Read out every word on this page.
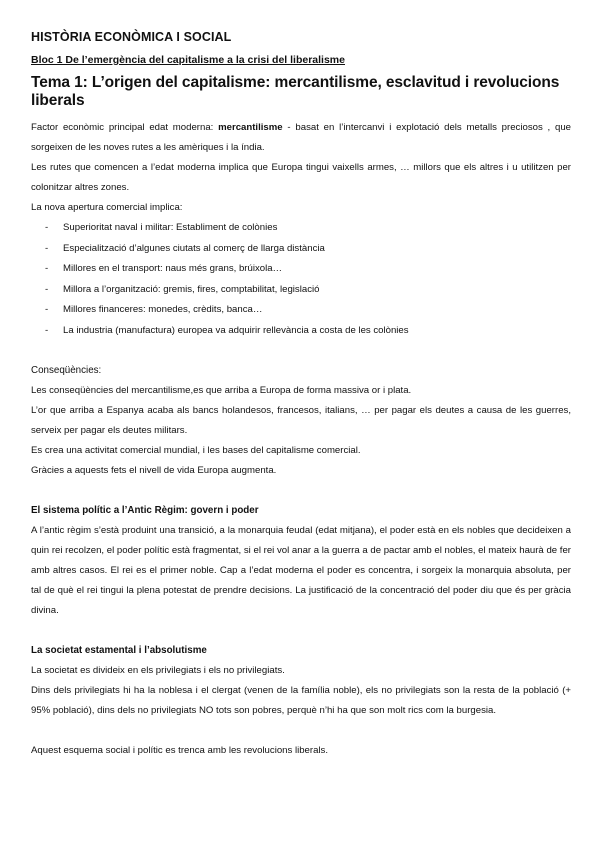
HISTÒRIA ECONÒMICA I SOCIAL
Bloc 1 De l’emergència del capitalisme a la crisi del liberalisme
Tema 1: L’origen del capitalisme: mercantilisme, esclavitud i revolucions liberals

Factor econòmic principal edat moderna: mercantilisme - basat en l’intercanvi i explotació dels metalls preciosos , que sorgeixen de les noves rutes a les amèriques i la índia.

Les rutes que comencen a l’edat moderna implica que Europa tingui vaixells armes, … millors que els altres i u utilitzen per colonitzar altres zones.

La nova apertura comercial implica:

- Superioritat naval i militar: Establiment de colònies
- Especialització d’algunes ciutats al comerç de llarga distància
- Millores en el transport: naus més grans, brúixola…
- Millora a l’organització: gremis, fires, comptabilitat, legislació
- Millores financeres: monedes, crèdits, banca…
- La industria (manufactura) europea va adquirir rellevància a costa de les colònies
Conseqüències:

Les conseqüències del mercantilisme,es que arriba a Europa de forma massiva or i plata.

L’or que arriba a Espanya acaba als bancs holandesos, francesos, italians, … per pagar els deutes a causa de les guerres, serveix per pagar els deutes militars.

Es crea una activitat comercial mundial, i les bases del capitalisme comercial.

Gràcies a aquests fets el nivell de vida Europa augmenta.

El sistema polític a l’Antic Règim: govern i poder

A l’antic règim s’està produint una transició, a la monarquia feudal (edat mitjana), el poder està en els nobles que decideixen a quin rei recolzen, el poder polític està fragmentat, si el rei vol anar a la guerra a de pactar amb el nobles, el mateix haurà de fer amb altres casos. El rei es el primer noble. Cap a l’edat moderna el poder es concentra, i sorgeix la monarquia absoluta, per tal de què el rei tingui la plena potestat de prendre decisions. La justificació de la concentració del poder diu que és per gràcia divina.

La societat estamental i l’absolutisme

La societat es divideix en els privilegiats i els no privilegiats.

Dins dels privilegiats hi ha la noblesa i el clergat (venen de la família noble), els no privilegiats son la resta de la població (+ 95% població), dins dels no privilegiats NO tots son pobres, perquè n’hi ha que son molt rics com la burgesia.

Aquest esquema social i polític es trenca amb les revolucions liberals.
